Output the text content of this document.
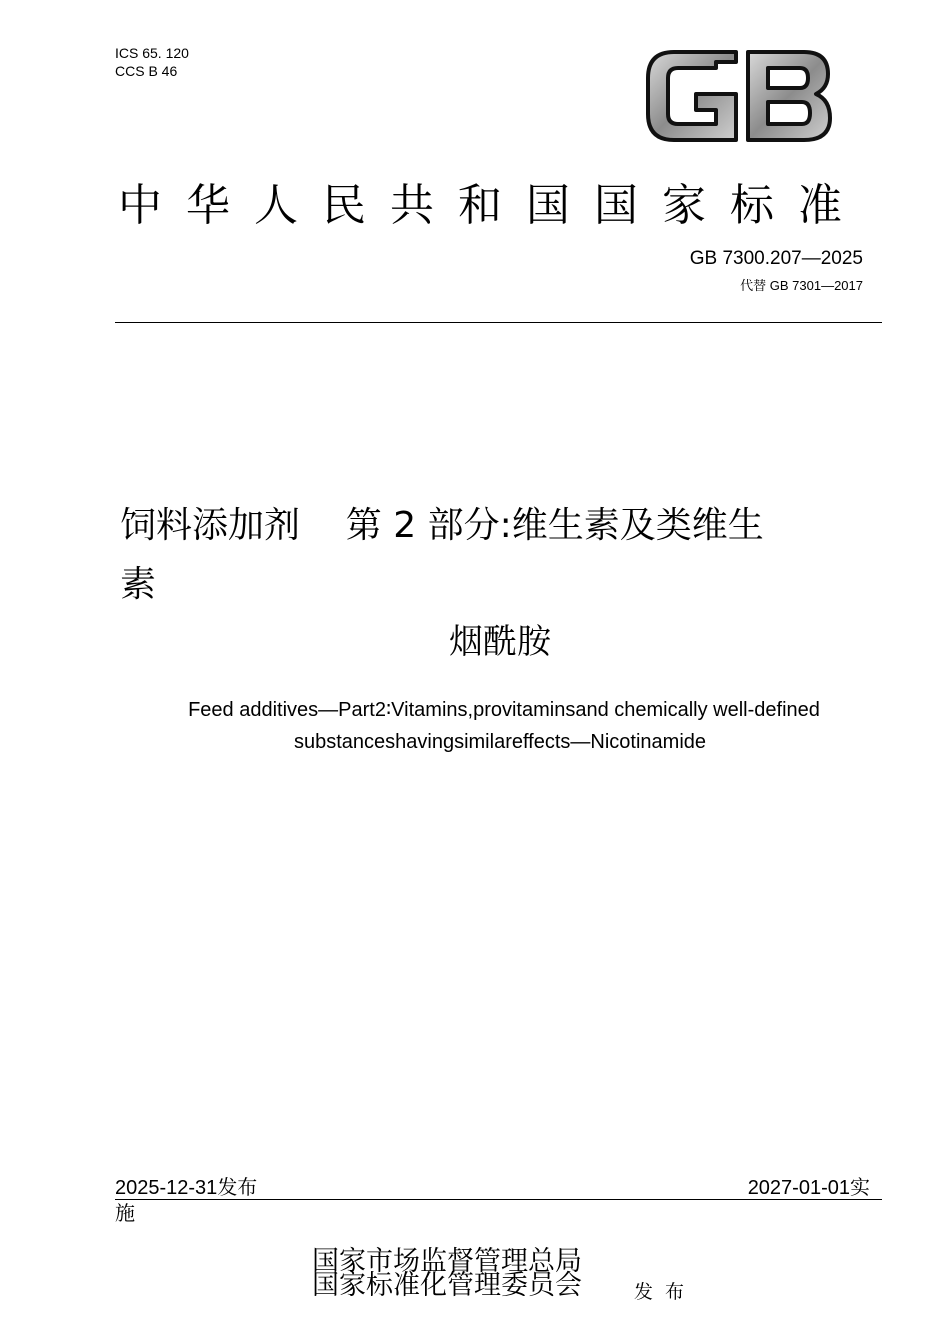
ICS 65. 120
CCS B 46
中华人民共和国国家标准
GB 7300.207—2025
代替 GB 7301—2017
饲料添加剂    第 2 部分:维生素及类维生
素
烟酰胺
Feed additives—Part2∶Vitamins,provitaminsand chemically well-defined
substanceshavingsimilareffects—Nicotinamide
2025-12-31发布
施
2027-01-01实
国家市场监督管理总局
国家标准化管理委员会	发布
